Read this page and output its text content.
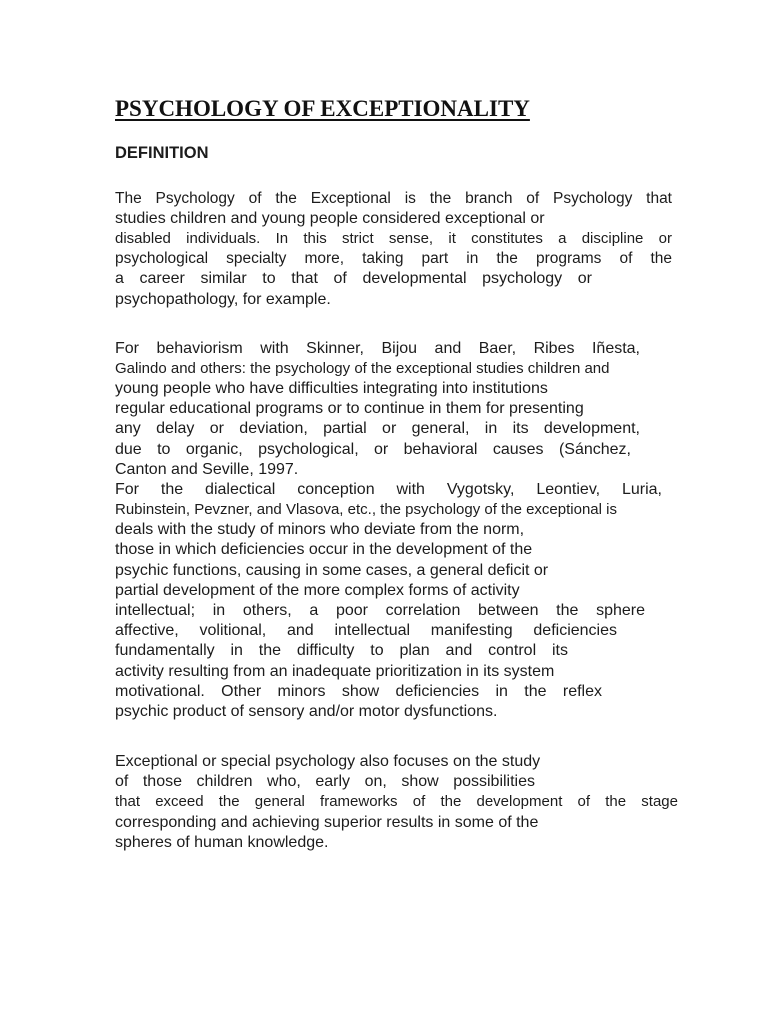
PSYCHOLOGY OF EXCEPTIONALITY
DEFINITION
The Psychology of the Exceptional is the branch of Psychology that
studies children and young people considered exceptional or
disabled individuals. In this strict sense, it constitutes a discipline or
psychological specialty more, taking part in the programs of the
a career similar to that of developmental psychology or
psychopathology, for example.
For behaviorism with Skinner, Bijou and Baer, Ribes Iñesta,
Galindo and others: the psychology of the exceptional studies children and
young people who have difficulties integrating into institutions
regular educational programs or to continue in them for presenting
any delay or deviation, partial or general, in its development,
due to organic, psychological, or behavioral causes (Sánchez,
Canton and Seville, 1997.
For the dialectical conception with Vygotsky, Leontiev, Luria,
Rubinstein, Pevzner, and Vlasova, etc., the psychology of the exceptional is
deals with the study of minors who deviate from the norm,
those in which deficiencies occur in the development of the
psychic functions, causing in some cases, a general deficit or
partial development of the more complex forms of activity
intellectual; in others, a poor correlation between the sphere
affective, volitional, and intellectual manifesting deficiencies
fundamentally in the difficulty to plan and control its
activity resulting from an inadequate prioritization in its system
motivational. Other minors show deficiencies in the reflex
psychic product of sensory and/or motor dysfunctions.
Exceptional or special psychology also focuses on the study
of those children who, early on, show possibilities
that exceed the general frameworks of the development of the stage
corresponding and achieving superior results in some of the
spheres of human knowledge.
